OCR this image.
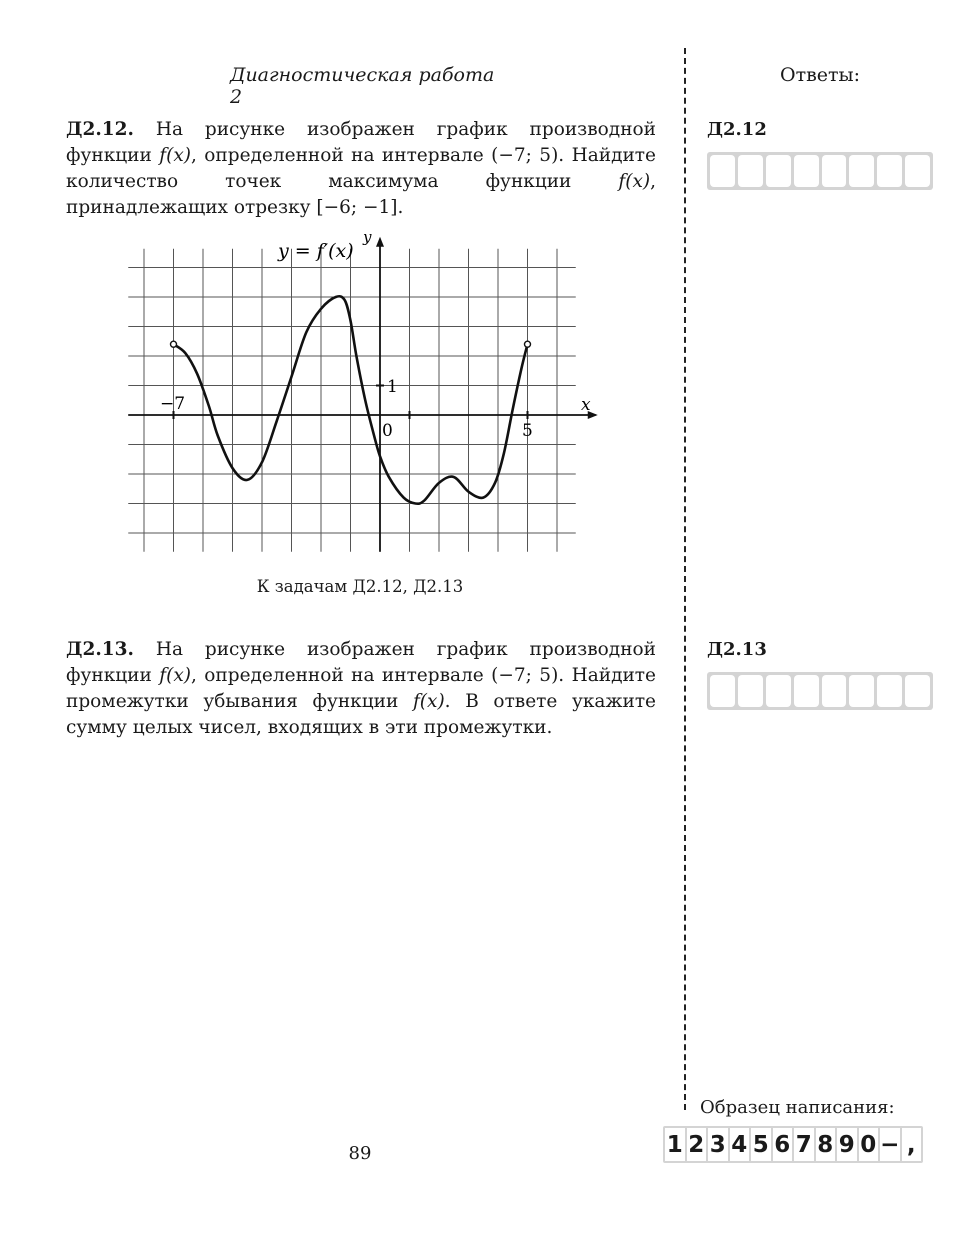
Диагностическая работа 2
Ответы:
Д2.12. На рисунке изображен график производной функции f(x), определенной на интервале (−7; 5). Найдите количество точек максимума функции f(x), принадлежащих отрезку [−6; −1].
y = f′(x)
y
x
−7
0	5
1
К задачам Д2.12, Д2.13
Д2.13. На рисунке изображен график производной функции f(x), определенной на интервале (−7; 5). Найдите промежутки убывания функции f(x). В ответе укажите сумму целых чисел, входящих в эти промежутки.
Д2.12
Д2.13
Образец написания:
1 2 3 4 5 6 7 8 9 0 − ,
89
